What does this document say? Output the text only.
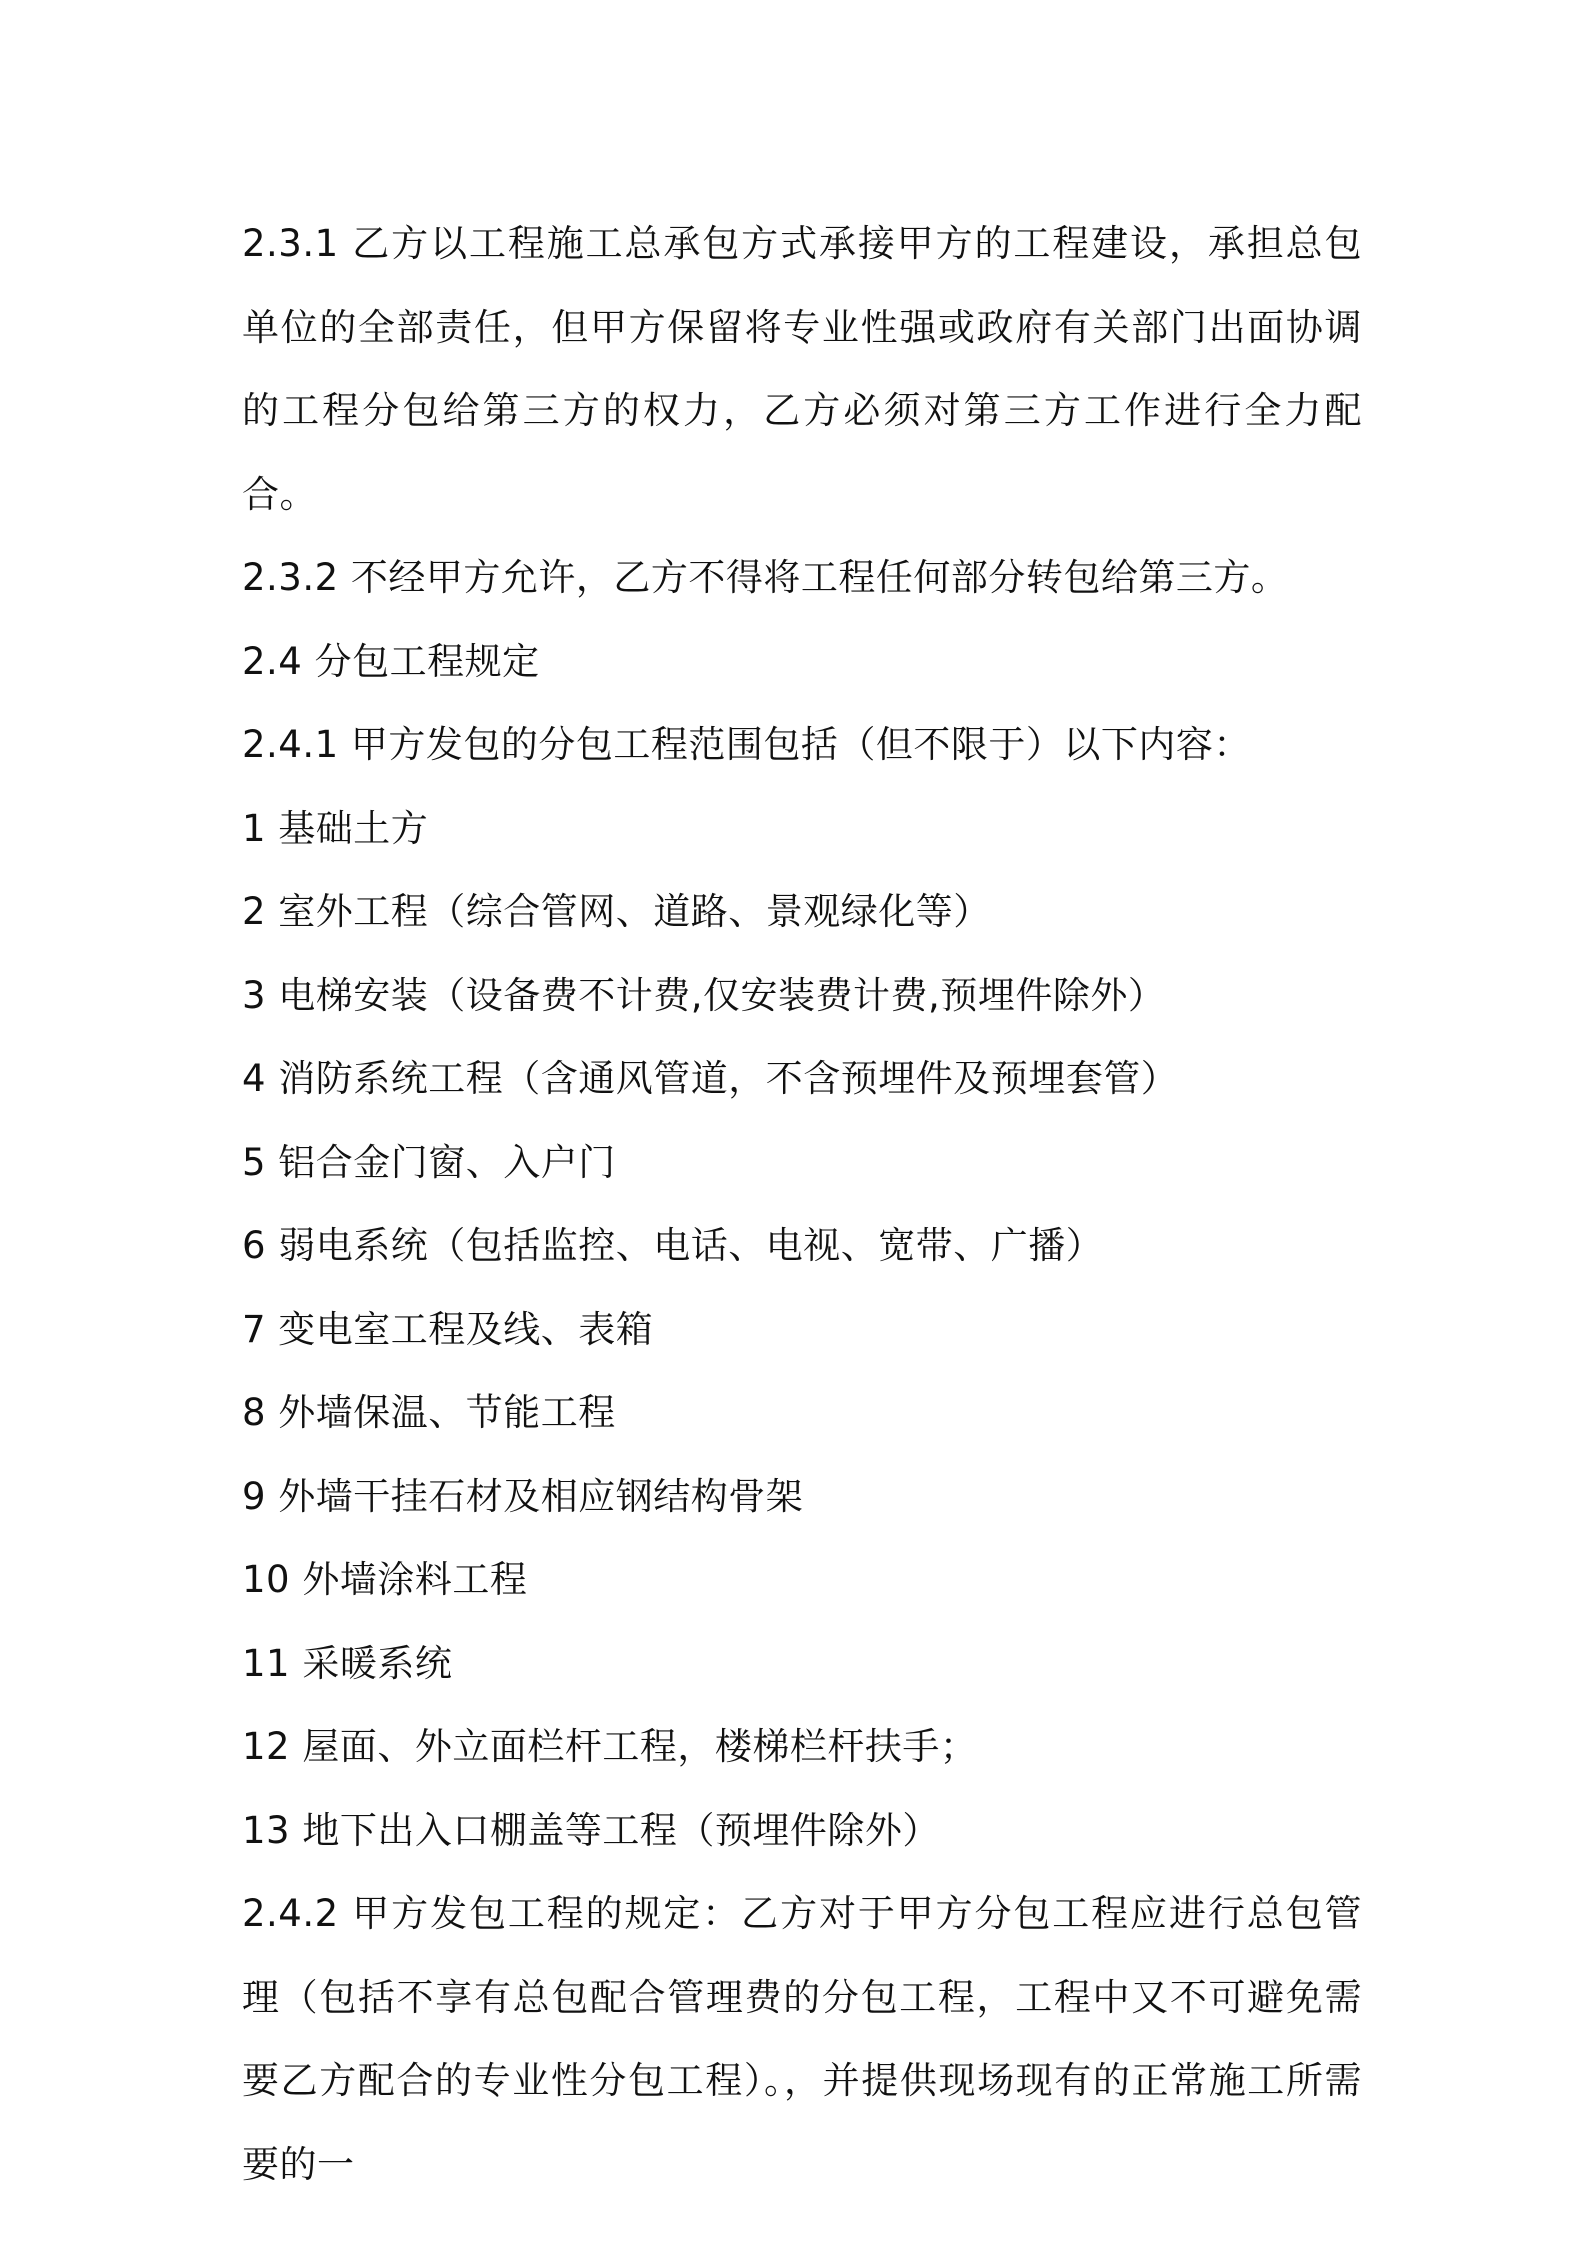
2.3.1 乙方以工程施工总承包方式承接甲方的工程建设，承担总包单位的全部责任，但甲方保留将专业性强或政府有关部门出面协调的工程分包给第三方的权力，乙方必须对第三方工作进行全力配合。

2.3.2 不经甲方允许，乙方不得将工程任何部分转包给第三方。

2.4 分包工程规定

2.4.1 甲方发包的分包工程范围包括（但不限于）以下内容：

1 基础土方

2 室外工程（综合管网、道路、景观绿化等）

3 电梯安装（设备费不计费,仅安装费计费,预埋件除外）

4 消防系统工程（含通风管道，不含预埋件及预埋套管）

5 铝合金门窗、入户门

6 弱电系统（包括监控、电话、电视、宽带、广播）

7 变电室工程及线、表箱

8 外墙保温、节能工程

9 外墙干挂石材及相应钢结构骨架

10 外墙涂料工程

11 采暖系统

12 屋面、外立面栏杆工程，楼梯栏杆扶手；

13 地下出入口棚盖等工程（预埋件除外）

2.4.2 甲方发包工程的规定：乙方对于甲方分包工程应进行总包管理（包括不享有总包配合管理费的分包工程，工程中又不可避免需要乙方配合的专业性分包工程）。，并提供现场现有的正常施工所需要的一
